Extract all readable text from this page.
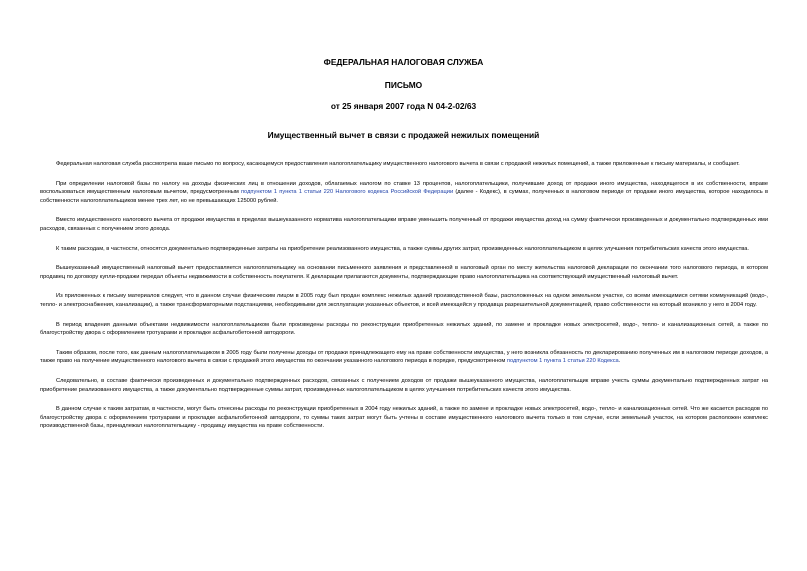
ФЕДЕРАЛЬНАЯ НАЛОГОВАЯ СЛУЖБА
ПИСЬМО
от 25 января 2007 года N 04-2-02/63
Имущественный вычет в связи с продажей нежилых помещений

Федеральная налоговая служба рассмотрела ваше письмо по вопросу, касающемуся предоставления налогоплательщику имущественного налогового вычета в связи с продажей нежилых помещений, а также приложенные к письму материалы, и сообщает.

При определении налоговой базы по налогу на доходы физических лиц в отношении доходов, облагаемых налогом по ставке 13 процентов, налогоплательщики, получившие доход от продажи иного имущества, находящегося в их собственности, вправе воспользоваться имущественным налоговым вычетом, предусмотренным подпунктом 1 пункта 1 статьи 220 Налогового кодекса Российской Федерации (далее - Кодекс), в суммах, полученных в налоговом периоде от продажи иного имущества, которое находилось в собственности налогоплательщиков менее трех лет, но не превышающих 125000 рублей.

Вместо имущественного налогового вычета от продажи имущества в пределах вышеуказанного норматива налогоплательщики вправе уменьшить полученный от продажи имущества доход на сумму фактически произведенных и документально подтвержденных ими расходов, связанных с получением этого дохода.

К таким расходам, в частности, относятся документально подтвержденные затраты на приобретение реализованного имущества, а также суммы других затрат, произведенных налогоплательщиком в целях улучшения потребительских качеств этого имущества.

Вышеуказанный имущественный налоговый вычет предоставляется налогоплательщику на основании письменного заявления и представленной в налоговый орган по месту жительства налоговой декларации по окончании того налогового периода, в котором продавец по договору купли-продажи передал объекты недвижимости в собственность покупателя. К декларации прилагаются документы, подтверждающие право налогоплательщика на соответствующий имущественный налоговый вычет.

Из приложенных к письму материалов следует, что в данном случае физическим лицом в 2005 году был продан комплекс нежилых зданий производственной базы, расположенных на одном земельном участке, со всеми имеющимися сетями коммуникаций (водо-, тепло- и электроснабжения, канализации), а также трансформаторными подстанциями, необходимыми для эксплуатации указанных объектов, и всей имеющейся у продавца разрешительной документацией, право собственности на который возникло у него в 2004 году.

В период владения данными объектами недвижимости налогоплательщиком были произведены расходы по реконструкции приобретенных нежилых зданий, по замене и прокладке новых электросетей, водо-, тепло- и канализационных сетей, а также по благоустройству двора с оформлением тротуарами и прокладке асфальтобетонной автодороги.

Таким образом, после того, как данным налогоплательщиком в 2005 году были получены доходы от продажи принадлежащего ему на праве собственности имущества, у него возникла обязанность по декларированию полученных им в налоговом периоде доходов, а также право на получение имущественного налогового вычета в связи с продажей этого имущества по окончании указанного налогового периода в порядке, предусмотренном подпунктом 1 пункта 1 статьи 220 Кодекса.

Следовательно, в составе фактически произведенных и документально подтвержденных расходов, связанных с получением доходов от продажи вышеуказанного имущества, налогоплательщик вправе учесть суммы документально подтвержденных затрат на приобретение реализованного имущества, а также документально подтвержденные суммы затрат, произведенных налогоплательщиком в целях улучшения потребительских качеств этого имущества.

В данном случае к таким затратам, в частности, могут быть отнесены расходы по реконструкции приобретенных в 2004 году нежилых зданий, а также по замене и прокладке новых электросетей, водо-, тепло- и канализационных сетей. Что же касается расходов по благоустройству двора с оформлением тротуарами и прокладке асфальтобетонной автодороги, то суммы таких затрат могут быть учтены в составе имущественного налогового вычета только в том случае, если земельный участок, на котором расположен комплекс производственной базы, принадлежал налогоплательщику - продавцу имущества на праве собственности.
